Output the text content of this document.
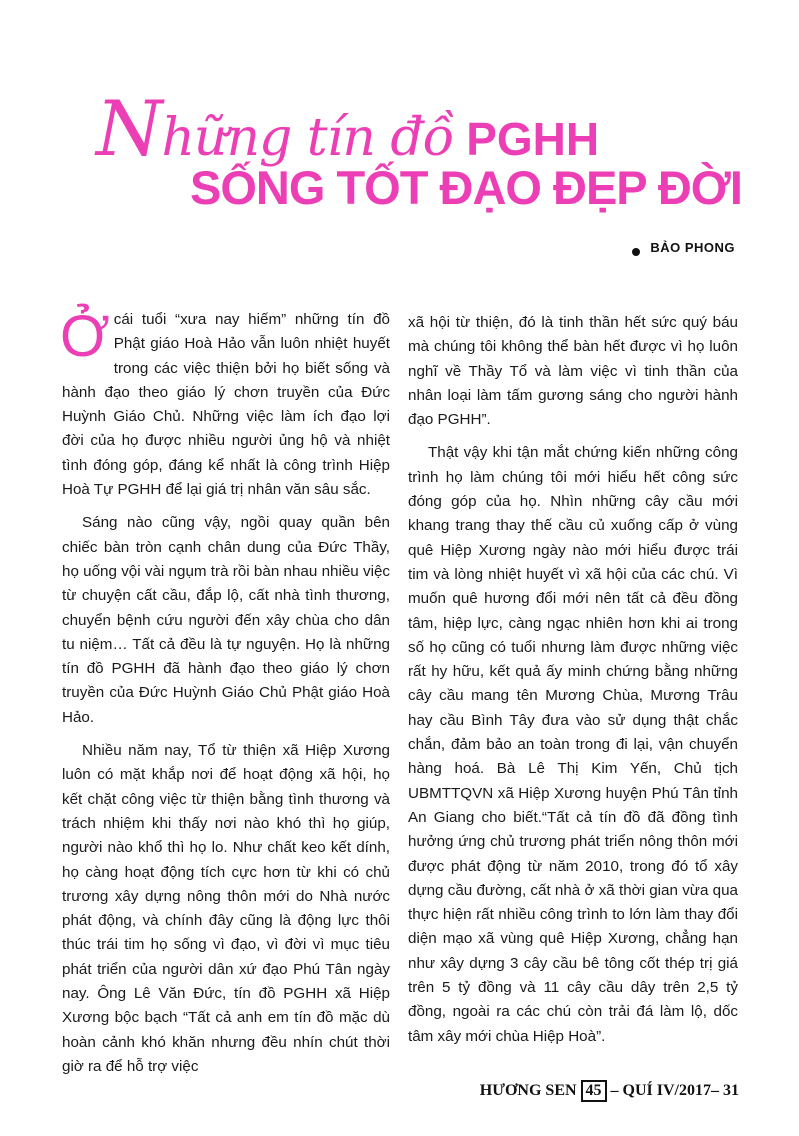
Những tín đồ PGHH
SỐNG TỐT ĐẠO ĐẸP ĐỜI
BẢO PHONG

Ởcái tuổi “xưa nay hiếm” những tín đồ Phật giáo Hoà Hảo vẫn luôn nhiệt huyết trong các việc thiện bởi họ biết sống và hành đạo theo giáo lý chơn truyền của Đức Huỳnh Giáo Chủ. Những việc làm ích đạo lợi đời của họ được nhiều người ủng hộ và nhiệt tình đóng góp, đáng kể nhất là công trình Hiệp Hoà Tự PGHH để lại giá trị nhân văn sâu sắc.

Sáng nào cũng vậy, ngồi quay quần bên chiếc bàn tròn cạnh chân dung của Đức Thầy, họ uống vội vài ngụm trà rồi bàn nhau nhiều việc từ chuyện cất cầu, đắp lộ, cất nhà tình thương, chuyển bệnh cứu người đến xây chùa cho dân tu niệm… Tất cả đều là tự nguyện. Họ là những tín đồ PGHH đã hành đạo theo giáo lý chơn truyền của Đức Huỳnh Giáo Chủ Phật giáo Hoà Hảo.

Nhiều năm nay, Tổ từ thiện xã Hiệp Xương luôn có mặt khắp nơi để hoạt động xã hội, họ kết chặt công việc từ thiện bằng tình thương và trách nhiệm khi thấy nơi nào khó thì họ giúp, người nào khổ thì họ lo. Như chất keo kết dính, họ càng hoạt động tích cực hơn từ khi có chủ trương xây dựng nông thôn mới do Nhà nước phát động, và chính đây cũng là động lực thôi thúc trái tim họ sống vì đạo, vì đời vì mục tiêu phát triển của người dân xứ đạo Phú Tân ngày nay. Ông Lê Văn Đức, tín đồ PGHH xã Hiệp Xương bộc bạch “Tất cả anh em tín đồ mặc dù hoàn cảnh khó khăn nhưng đều nhín chút thời giờ ra để hỗ trợ việc

xã hội từ thiện, đó là tinh thần hết sức quý báu mà chúng tôi không thể bàn hết được vì họ luôn nghĩ về Thầy Tổ và làm việc vì tinh thần của nhân loại làm tấm gương sáng cho người hành đạo PGHH”.

Thật vậy khi tận mắt chứng kiến những công trình họ làm chúng tôi mới hiểu hết công sức đóng góp của họ. Nhìn những cây cầu mới khang trang thay thế cầu củ xuống cấp ở vùng quê Hiệp Xương ngày nào mới hiểu được trái tim và lòng nhiệt huyết vì xã hội của các chú. Vì muốn quê hương đổi mới nên tất cả đều đồng tâm, hiệp lực, càng ngạc nhiên hơn khi ai trong số họ cũng có tuổi nhưng làm được những việc rất hy hữu, kết quả ấy minh chứng bằng những cây cầu mang tên Mương Chùa, Mương Trâu hay cầu Bình Tây đưa vào sử dụng thật chắc chắn, đảm bảo an toàn trong đi lại, vận chuyển hàng hoá. Bà Lê Thị Kim Yến, Chủ tịch UBMTTQVN xã Hiệp Xương huyện Phú Tân tỉnh An Giang cho biết.“Tất cả tín đồ đã đồng tình hưởng ứng chủ trương phát triển nông thôn mới được phát động từ năm 2010, trong đó tổ xây dựng cầu đường, cất nhà ở xã thời gian vừa qua thực hiện rất nhiều công trình to lớn làm thay đổi diện mạo xã vùng quê Hiệp Xương, chẳng hạn như xây dựng 3 cây cầu bê tông cốt thép trị giá trên 5 tỷ đồng và 11 cây cầu dây trên 2,5 tỷ đồng, ngoài ra các chú còn trải đá làm lộ, dốc tâm xây mới chùa Hiệp Hoà”.

HƯƠNG SEN 45 – QUÍ IV/2017– 31
